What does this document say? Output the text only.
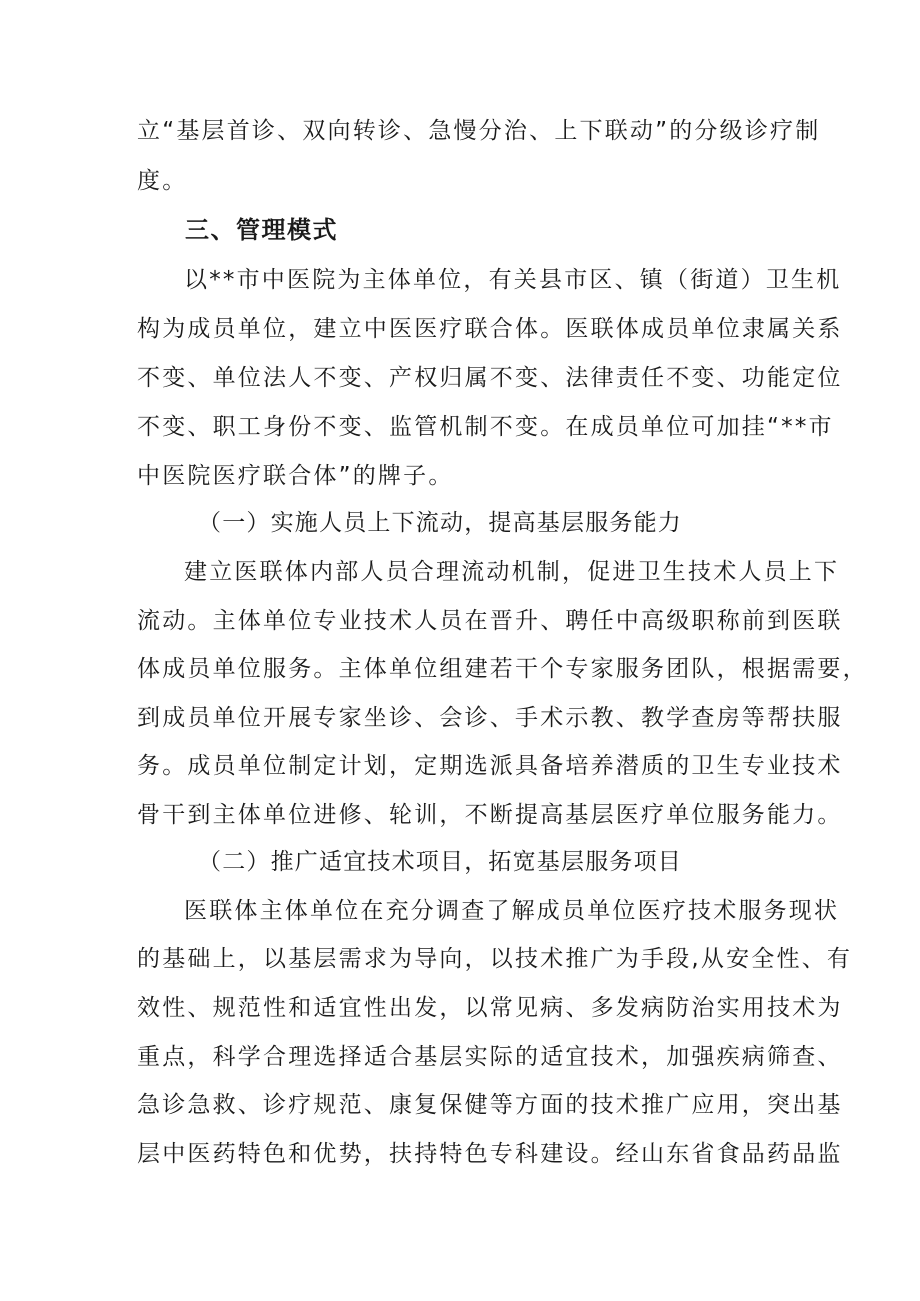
立“基层首诊、双向转诊、急慢分治、上下联动”的分级诊疗制
度。
三、管理模式
以**市中医院为主体单位，有关县市区、镇（街道）卫生机
构为成员单位，建立中医医疗联合体。医联体成员单位隶属关系
不变、单位法人不变、产权归属不变、法律责任不变、功能定位
不变、职工身份不变、监管机制不变。在成员单位可加挂“**市
中医院医疗联合体”的牌子。
（一）实施人员上下流动，提高基层服务能力
建立医联体内部人员合理流动机制，促进卫生技术人员上下
流动。主体单位专业技术人员在晋升、聘任中高级职称前到医联
体成员单位服务。主体单位组建若干个专家服务团队，根据需要，
到成员单位开展专家坐诊、会诊、手术示教、教学查房等帮扶服
务。成员单位制定计划，定期选派具备培养潜质的卫生专业技术
骨干到主体单位进修、轮训，不断提高基层医疗单位服务能力。
（二）推广适宜技术项目，拓宽基层服务项目
医联体主体单位在充分调查了解成员单位医疗技术服务现状
的基础上，以基层需求为导向，以技术推广为手段,从安全性、有
效性、规范性和适宜性出发，以常见病、多发病防治实用技术为
重点，科学合理选择适合基层实际的适宜技术，加强疾病筛查、
急诊急救、诊疗规范、康复保健等方面的技术推广应用，突出基
层中医药特色和优势，扶持特色专科建设。经山东省食品药品监
